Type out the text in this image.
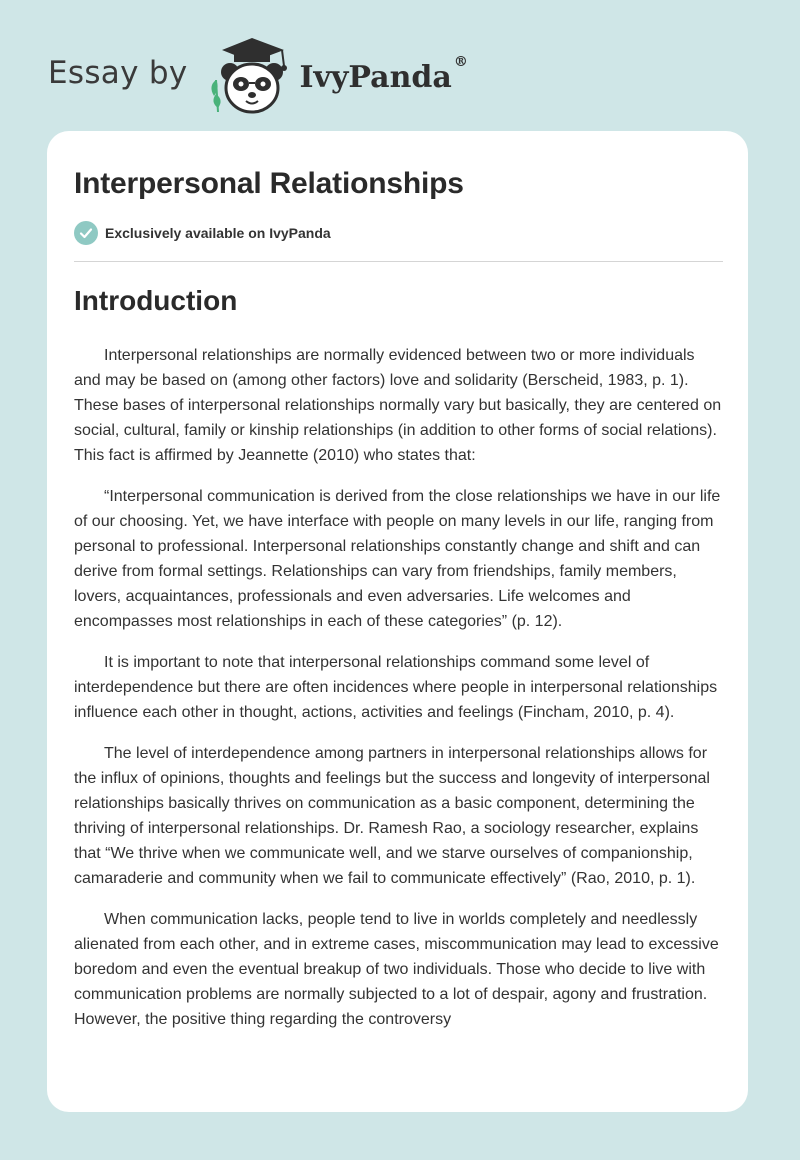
Essay by	IvyPanda ®
Interpersonal Relationships
Exclusively available on IvyPanda
Introduction

Interpersonal relationships are normally evidenced between two or more individuals and may be based on (among other factors) love and solidarity (Berscheid, 1983, p. 1). These bases of interpersonal relationships normally vary but basically, they are centered on social, cultural, family or kinship relationships (in addition to other forms of social relations). This fact is affirmed by Jeannette (2010) who states that:

“Interpersonal communication is derived from the close relationships we have in our life of our choosing. Yet, we have interface with people on many levels in our life, ranging from personal to professional. Interpersonal relationships constantly change and shift and can derive from formal settings. Relationships can vary from friendships, family members, lovers, acquaintances, professionals and even adversaries. Life welcomes and encompasses most relationships in each of these categories” (p. 12).

It is important to note that interpersonal relationships command some level of interdependence but there are often incidences where people in interpersonal relationships influence each other in thought, actions, activities and feelings (Fincham, 2010, p. 4).

The level of interdependence among partners in interpersonal relationships allows for the influx of opinions, thoughts and feelings but the success and longevity of interpersonal relationships basically thrives on communication as a basic component, determining the thriving of interpersonal relationships. Dr. Ramesh Rao, a sociology researcher, explains that “We thrive when we communicate well, and we starve ourselves of companionship, camaraderie and community when we fail to communicate effectively” (Rao, 2010, p. 1).

When communication lacks, people tend to live in worlds completely and needlessly alienated from each other, and in extreme cases, miscommunication may lead to excessive boredom and even the eventual breakup of two individuals. Those who decide to live with communication problems are normally subjected to a lot of despair, agony and frustration. However, the positive thing regarding the controversy
